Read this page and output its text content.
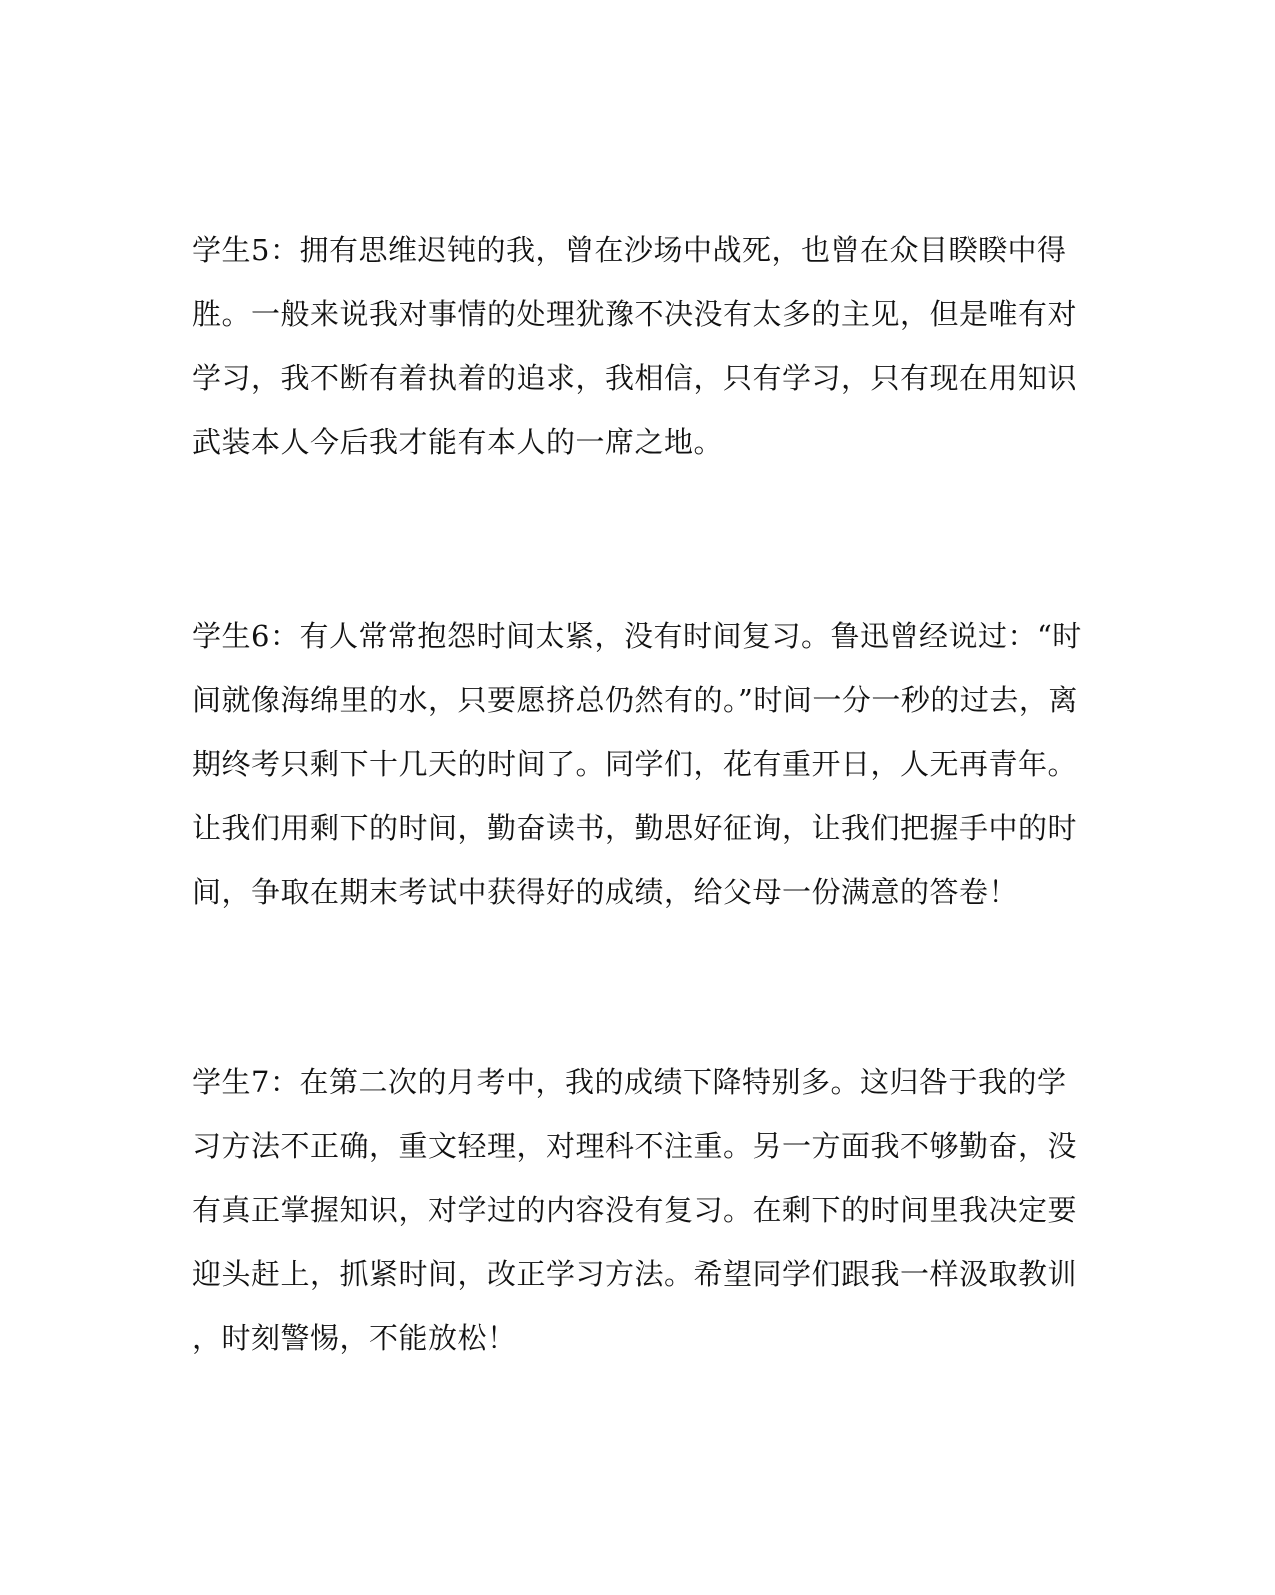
学生5：拥有思维迟钝的我，曾在沙场中战死，也曾在众目睽睽中得
胜。一般来说我对事情的处理犹豫不决没有太多的主见，但是唯有对
学习，我不断有着执着的追求，我相信，只有学习，只有现在用知识
武装本人今后我才能有本人的一席之地。
学生6：有人常常抱怨时间太紧，没有时间复习。鲁迅曾经说过：“时
间就像海绵里的水，只要愿挤总仍然有的。”时间一分一秒的过去，离
期终考只剩下十几天的时间了。同学们，花有重开日，人无再青年。
让我们用剩下的时间，勤奋读书，勤思好征询，让我们把握手中的时
间，争取在期末考试中获得好的成绩，给父母一份满意的答卷！
学生7：在第二次的月考中，我的成绩下降特别多。这归咎于我的学
习方法不正确，重文轻理，对理科不注重。另一方面我不够勤奋，没
有真正掌握知识，对学过的内容没有复习。在剩下的时间里我决定要
迎头赶上，抓紧时间，改正学习方法。希望同学们跟我一样汲取教训
，时刻警惕，不能放松！
